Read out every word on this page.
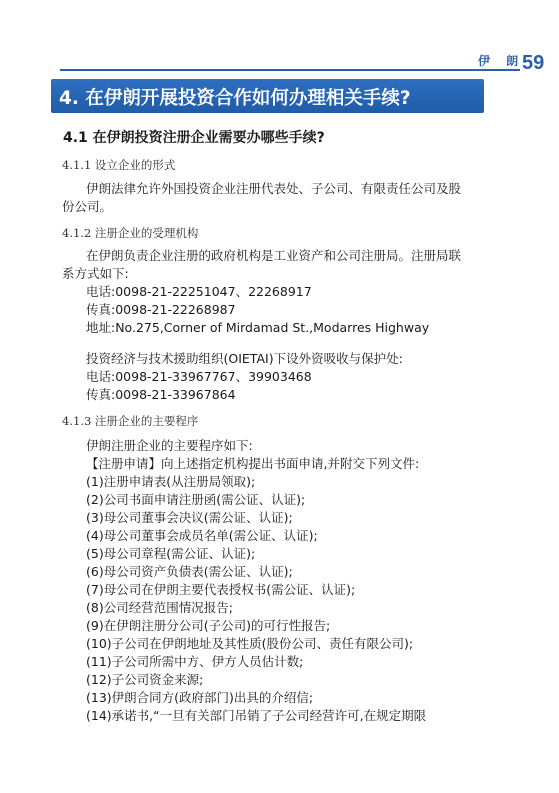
伊 朗
59
4. 在伊朗开展投资合作如何办理相关手续?
4.1 在伊朗投资注册企业需要办哪些手续?
4.1.1 设立企业的形式
伊朗法律允许外国投资企业注册代表处、子公司、有限责任公司及股
份公司。
4.1.2 注册企业的受理机构
在伊朗负责企业注册的政府机构是工业资产和公司注册局。注册局联
系方式如下:
电话:0098-21-22251047、22268917
传真:0098-21-22268987
地址:No.275,Corner of Mirdamad St.,Modarres Highway
投资经济与技术援助组织(OIETAI)下设外资吸收与保护处:
电话:0098-21-33967767、39903468
传真:0098-21-33967864
4.1.3 注册企业的主要程序
伊朗注册企业的主要程序如下:
【注册申请】向上述指定机构提出书面申请,并附交下列文件:
(1)注册申请表(从注册局领取);
(2)公司书面申请注册函(需公证、认证);
(3)母公司董事会决议(需公证、认证);
(4)母公司董事会成员名单(需公证、认证);
(5)母公司章程(需公证、认证);
(6)母公司资产负债表(需公证、认证);
(7)母公司在伊朗主要代表授权书(需公证、认证);
(8)公司经营范围情况报告;
(9)在伊朗注册分公司(子公司)的可行性报告;
(10)子公司在伊朗地址及其性质(股份公司、责任有限公司);
(11)子公司所需中方、伊方人员估计数;
(12)子公司资金来源;
(13)伊朗合同方(政府部门)出具的介绍信;
(14)承诺书,“一旦有关部门吊销了子公司经营许可,在规定期限
